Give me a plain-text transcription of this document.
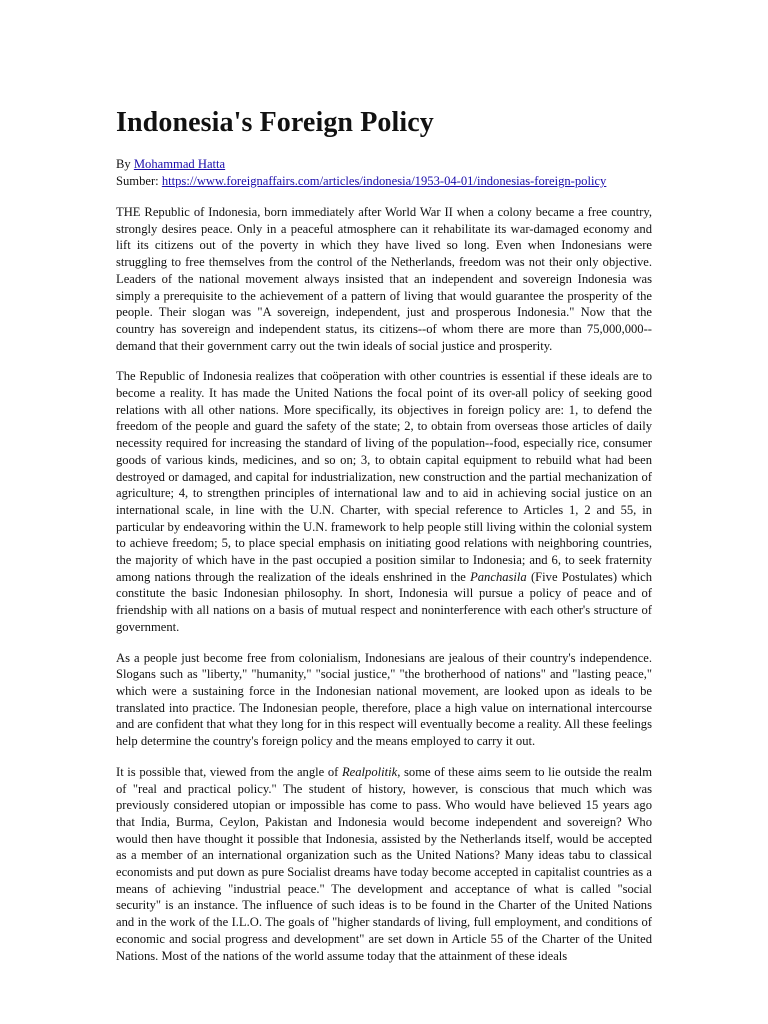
Indonesia's Foreign Policy
By Mohammad Hatta
Sumber: https://www.foreignaffairs.com/articles/indonesia/1953-04-01/indonesias-foreign-policy

THE Republic of Indonesia, born immediately after World War II when a colony became a free country, strongly desires peace. Only in a peaceful atmosphere can it rehabilitate its war-damaged economy and lift its citizens out of the poverty in which they have lived so long. Even when Indonesians were struggling to free themselves from the control of the Netherlands, freedom was not their only objective. Leaders of the national movement always insisted that an independent and sovereign Indonesia was simply a prerequisite to the achievement of a pattern of living that would guarantee the prosperity of the people. Their slogan was "A sovereign, independent, just and prosperous Indonesia." Now that the country has sovereign and independent status, its citizens--of whom there are more than 75,000,000--demand that their government carry out the twin ideals of social justice and prosperity.

The Republic of Indonesia realizes that coöperation with other countries is essential if these ideals are to become a reality. It has made the United Nations the focal point of its over-all policy of seeking good relations with all other nations. More specifically, its objectives in foreign policy are: 1, to defend the freedom of the people and guard the safety of the state; 2, to obtain from overseas those articles of daily necessity required for increasing the standard of living of the population--food, especially rice, consumer goods of various kinds, medicines, and so on; 3, to obtain capital equipment to rebuild what had been destroyed or damaged, and capital for industrialization, new construction and the partial mechanization of agriculture; 4, to strengthen principles of international law and to aid in achieving social justice on an international scale, in line with the U.N. Charter, with special reference to Articles 1, 2 and 55, in particular by endeavoring within the U.N. framework to help people still living within the colonial system to achieve freedom; 5, to place special emphasis on initiating good relations with neighboring countries, the majority of which have in the past occupied a position similar to Indonesia; and 6, to seek fraternity among nations through the realization of the ideals enshrined in the Panchasila (Five Postulates) which constitute the basic Indonesian philosophy. In short, Indonesia will pursue a policy of peace and of friendship with all nations on a basis of mutual respect and noninterference with each other's structure of government.

As a people just become free from colonialism, Indonesians are jealous of their country's independence. Slogans such as "liberty," "humanity," "social justice," "the brotherhood of nations" and "lasting peace," which were a sustaining force in the Indonesian national movement, are looked upon as ideals to be translated into practice. The Indonesian people, therefore, place a high value on international intercourse and are confident that what they long for in this respect will eventually become a reality. All these feelings help determine the country's foreign policy and the means employed to carry it out.

It is possible that, viewed from the angle of Realpolitik, some of these aims seem to lie outside the realm of "real and practical policy." The student of history, however, is conscious that much which was previously considered utopian or impossible has come to pass. Who would have believed 15 years ago that India, Burma, Ceylon, Pakistan and Indonesia would become independent and sovereign? Who would then have thought it possible that Indonesia, assisted by the Netherlands itself, would be accepted as a member of an international organization such as the United Nations? Many ideas tabu to classical economists and put down as pure Socialist dreams have today become accepted in capitalist countries as a means of achieving "industrial peace." The development and acceptance of what is called "social security" is an instance. The influence of such ideas is to be found in the Charter of the United Nations and in the work of the I.L.O. The goals of "higher standards of living, full employment, and conditions of economic and social progress and development" are set down in Article 55 of the Charter of the United Nations. Most of the nations of the world assume today that the attainment of these ideals
